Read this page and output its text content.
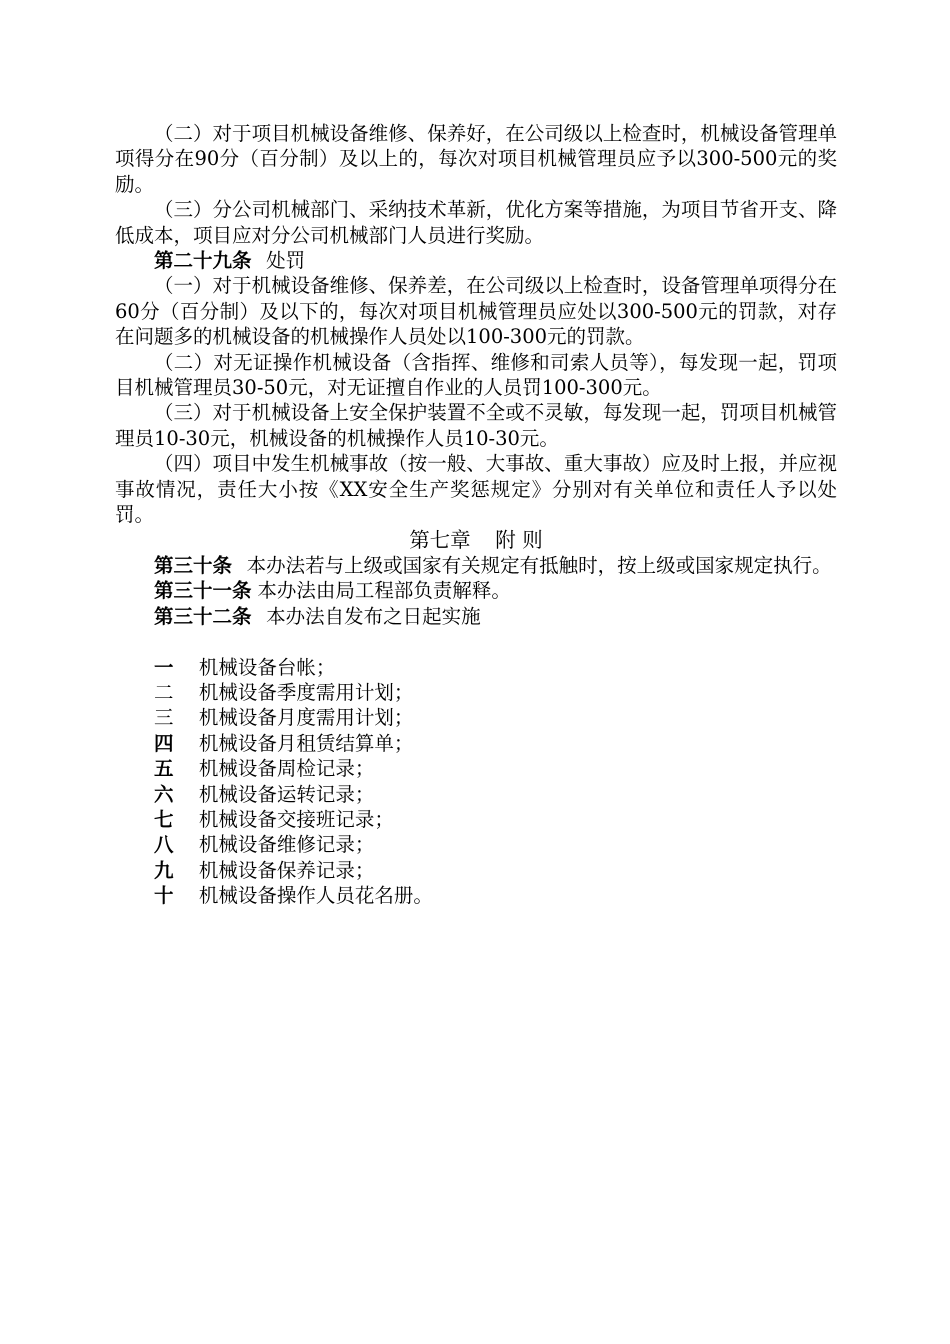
（二）对于项目机械设备维修、保养好，在公司级以上检查时，机械设备管理单项得分在90分（百分制）及以上的，每次对项目机械管理员应予以300-500元的奖励。

（三）分公司机械部门、采纳技术革新，优化方案等措施，为项目节省开支、降低成本，项目应对分公司机械部门人员进行奖励。

第二十九条 处罚

（一）对于机械设备维修、保养差，在公司级以上检查时，设备管理单项得分在60分（百分制）及以下的，每次对项目机械管理员应处以300-500元的罚款，对存在问题多的机械设备的机械操作人员处以100-300元的罚款。

（二）对无证操作机械设备（含指挥、维修和司索人员等），每发现一起，罚项目机械管理员30-50元，对无证擅自作业的人员罚100-300元。

（三）对于机械设备上安全保护装置不全或不灵敏，每发现一起，罚项目机械管理员10-30元，机械设备的机械操作人员10-30元。

（四）项目中发生机械事故（按一般、大事故、重大事故）应及时上报，并应视事故情况，责任大小按《XX安全生产奖惩规定》分别对有关单位和责任人予以处罚。

第七章 附 则

第三十条 本办法若与上级或国家有关规定有抵触时，按上级或国家规定执行。

第三十一条 本办法由局工程部负责解释。

第三十二条 本办法自发布之日起实施

一 机械设备台帐；
二 机械设备季度需用计划；
三 机械设备月度需用计划；
四 机械设备月租赁结算单；
五 机械设备周检记录；
六 机械设备运转记录；
七 机械设备交接班记录；
八 机械设备维修记录；
九 机械设备保养记录；
十 机械设备操作人员花名册。
